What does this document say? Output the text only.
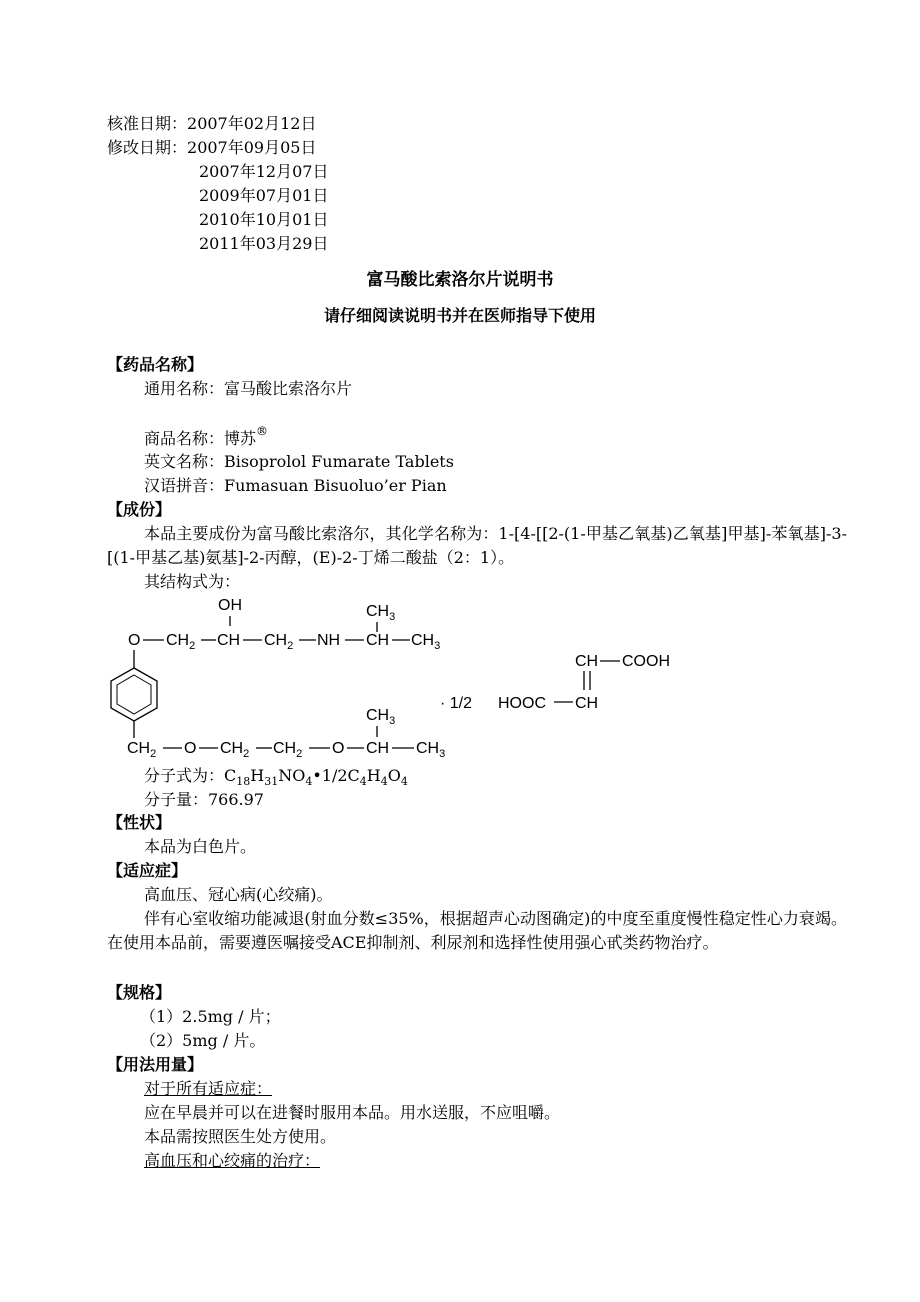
核准日期：2007年02月12日
修改日期：2007年09月05日
2007年12月07日
2009年07月01日
2010年10月01日
2011年03月29日
富马酸比索洛尔片说明书
请仔细阅读说明书并在医师指导下使用
【药品名称】
通用名称：富马酸比索洛尔片
商品名称：博苏®
英文名称：Bisoprolol Fumarate Tablets
汉语拼音：Fumasuan Bisuoluo’er Pian
【成份】
本品主要成份为富马酸比索洛尔，其化学名称为：1-[4-[[2-(1-甲基乙氧基)乙氧基]甲基]-苯氧基]-3-[(1-甲基乙基)氨基]-2-丙醇，(E)-2-丁烯二酸盐（2：1）。
其结构式为：
OH	$CH_3$
O $CH_2$ CH $CH_2$ NH CH $CH_3$
CH COOH
· 1/2 HOOC CH
$CH_3$
$CH_2$ O $CH_2$ $CH_2$ O CH $CH_3$
分子式为：$C_{18}H_{31}NO_4•1/2C_4H_4O_4$
分子量：766.97
【性状】
本品为白色片。
【适应症】
高血压、冠心病(心绞痛)。
伴有心室收缩功能减退(射血分数≤35%，根据超声心动图确定)的中度至重度慢性稳定性心力衰竭。在使用本品前，需要遵医嘱接受ACE抑制剂、利尿剂和选择性使用强心甙类药物治疗。
【规格】
（1）2.5mg / 片；
（2）5mg / 片。
【用法用量】
对于所有适应症：
应在早晨并可以在进餐时服用本品。用水送服，不应咀嚼。
本品需按照医生处方使用。
高血压和心绞痛的治疗：
